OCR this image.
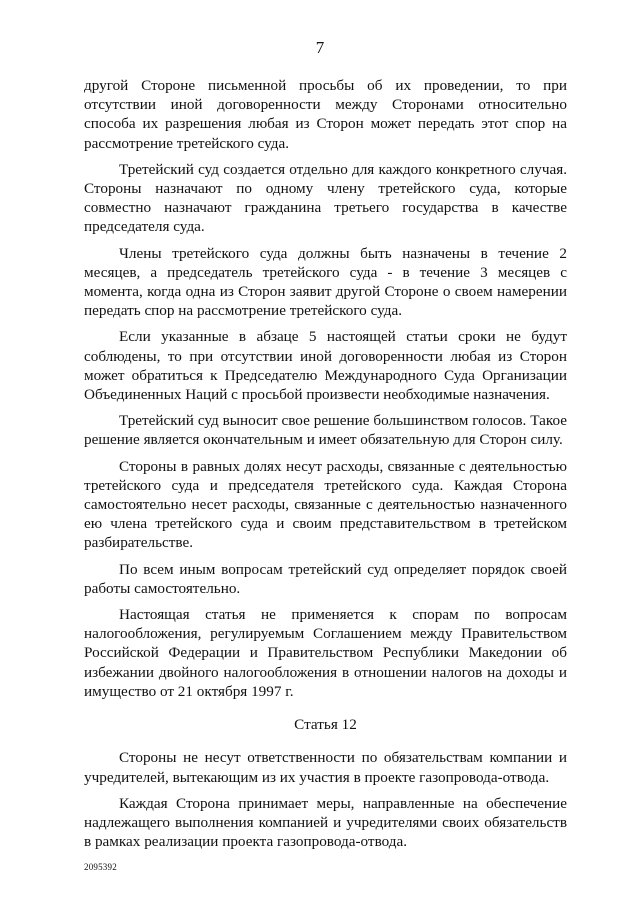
7

другой Стороне письменной просьбы об их проведении, то при отсутствии иной договоренности между Сторонами относительно способа их разрешения любая из Сторон может передать этот спор на рассмотрение третейского суда.

Третейский суд создается отдельно для каждого конкретного случая. Стороны назначают по одному члену третейского суда, которые совместно назначают гражданина третьего государства в качестве председателя суда.

Члены третейского суда должны быть назначены в течение 2 месяцев, а председатель третейского суда - в течение 3 месяцев с момента, когда одна из Сторон заявит другой Стороне о своем намерении передать спор на рассмотрение третейского суда.

Если указанные в абзаце 5 настоящей статьи сроки не будут соблюдены, то при отсутствии иной договоренности любая из Сторон может обратиться к Председателю Международного Суда Организации Объединенных Наций с просьбой произвести необходимые назначения.

Третейский суд выносит свое решение большинством голосов. Такое решение является окончательным и имеет обязательную для Сторон силу.

Стороны в равных долях несут расходы, связанные с деятельностью третейского суда и председателя третейского суда. Каждая Сторона самостоятельно несет расходы, связанные с деятельностью назначенного ею члена третейского суда и своим представительством в третейском разбирательстве.

По всем иным вопросам третейский суд определяет порядок своей работы самостоятельно.

Настоящая статья не применяется к спорам по вопросам налогообложения, регулируемым Соглашением между Правительством Российской Федерации и Правительством Республики Македонии об избежании двойного налогообложения в отношении налогов на доходы и имущество от 21 октября 1997 г.

Статья 12

Стороны не несут ответственности по обязательствам компании и учредителей, вытекающим из их участия в проекте газопровода-отвода.

Каждая Сторона принимает меры, направленные на обеспечение надлежащего выполнения компанией и учредителями своих обязательств в рамках реализации проекта газопровода-отвода.

2095392
